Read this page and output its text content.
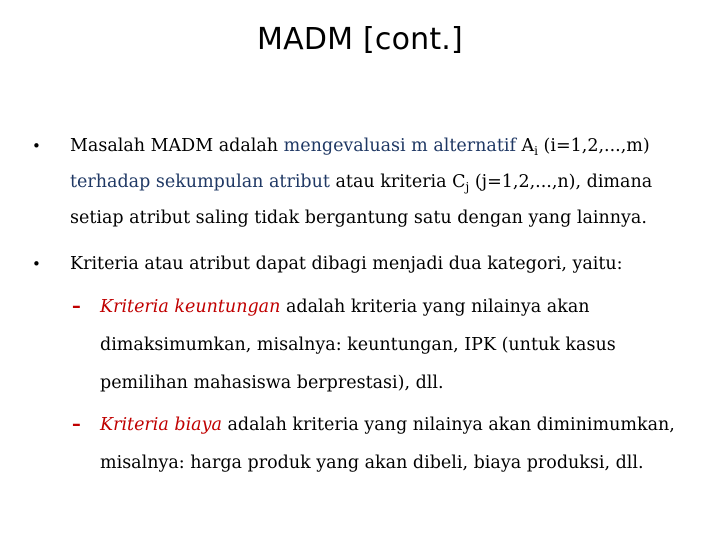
MADM [cont.]
• Masalah MADM adalah mengevaluasi m alternatif $A_i$ (i=1,2,...,m) terhadap sekumpulan atribut atau kriteria $C_j$ (j=1,2,...,n), dimana setiap atribut saling tidak bergantung satu dengan yang lainnya.
• Kriteria atau atribut dapat dibagi menjadi dua kategori, yaitu:
– Kriteria keuntungan adalah kriteria yang nilainya akan dimaksimumkan, misalnya: keuntungan, IPK (untuk kasus pemilihan mahasiswa berprestasi), dll.
– Kriteria biaya adalah kriteria yang nilainya akan diminimumkan, misalnya: harga produk yang akan dibeli, biaya produksi, dll.
